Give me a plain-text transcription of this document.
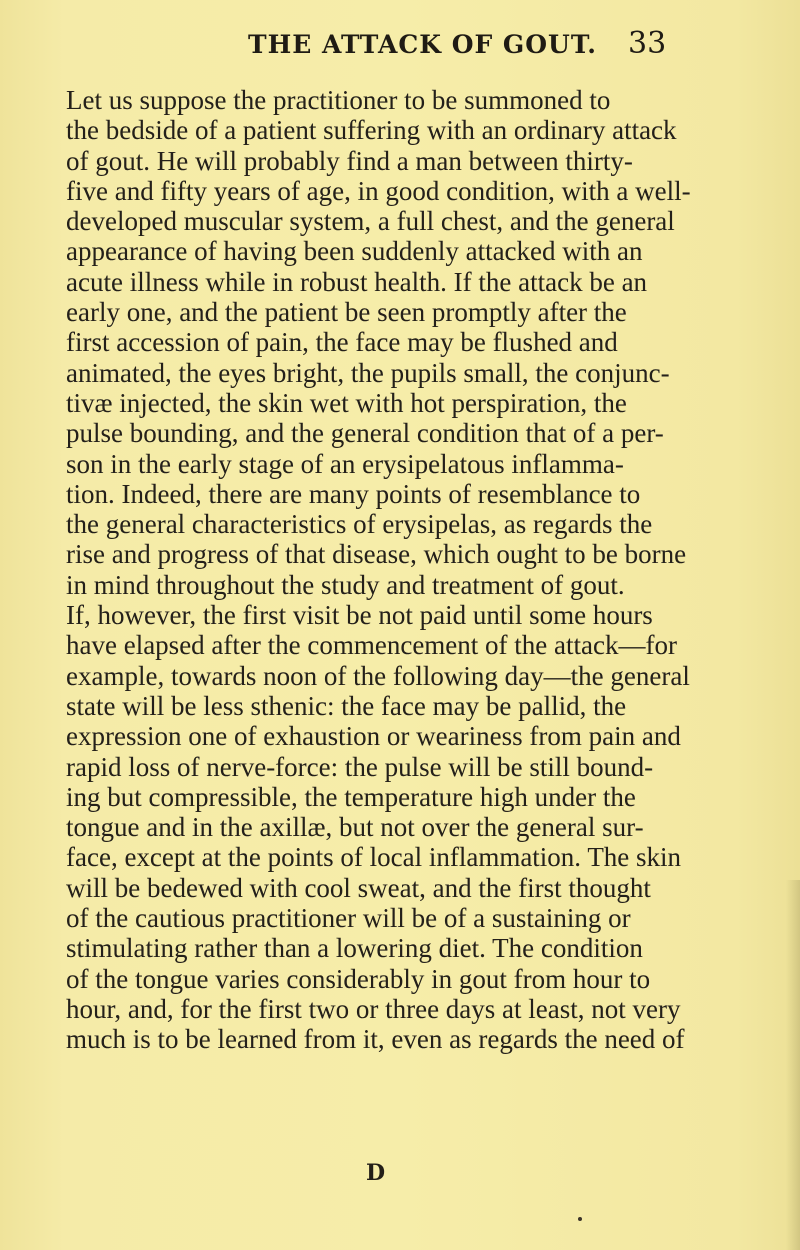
THE ATTACK OF GOUT. 33
Let us suppose the practitioner to be summoned to
the bedside of a patient suffering with an ordinary attack
of gout. He will probably find a man between thirty-
five and fifty years of age, in good condition, with a well-
developed muscular system, a full chest, and the general
appearance of having been suddenly attacked with an
acute illness while in robust health. If the attack be an
early one, and the patient be seen promptly after the
first accession of pain, the face may be flushed and
animated, the eyes bright, the pupils small, the conjunc-
tivæ injected, the skin wet with hot perspiration, the
pulse bounding, and the general condition that of a per-
son in the early stage of an erysipelatous inflamma-
tion. Indeed, there are many points of resemblance to
the general characteristics of erysipelas, as regards the
rise and progress of that disease, which ought to be borne
in mind throughout the study and treatment of gout.
If, however, the first visit be not paid until some hours
have elapsed after the commencement of the attack—for
example, towards noon of the following day—the general
state will be less sthenic: the face may be pallid, the
expression one of exhaustion or weariness from pain and
rapid loss of nerve-force: the pulse will be still bound-
ing but compressible, the temperature high under the
tongue and in the axillæ, but not over the general sur-
face, except at the points of local inflammation. The skin
will be bedewed with cool sweat, and the first thought
of the cautious practitioner will be of a sustaining or
stimulating rather than a lowering diet. The condition
of the tongue varies considerably in gout from hour to
hour, and, for the first two or three days at least, not very
much is to be learned from it, even as regards the need of
D
